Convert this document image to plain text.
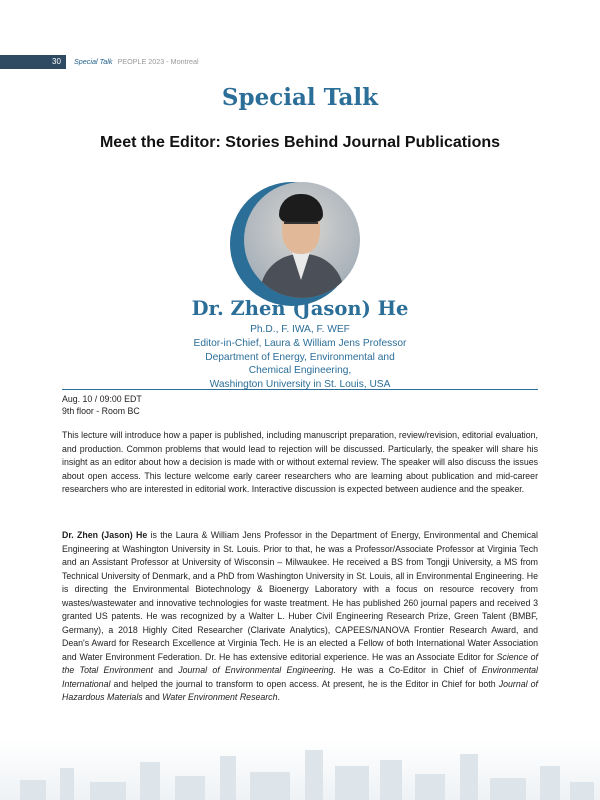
30 Special Talk PEOPLE 2023 - Montreal
Special Talk
Meet the Editor: Stories Behind Journal Publications
Dr. Zhen (Jason) He
Ph.D., F. IWA, F. WEF
Editor-in-Chief, Laura & William Jens Professor
Department of Energy, Environmental and
Chemical Engineering,
Washington University in St. Louis, USA
Aug. 10 / 09:00 EDT
9th floor - Room BC
This lecture will introduce how a paper is published, including manuscript preparation, review/revision, editorial evaluation, and production. Common problems that would lead to rejection will be discussed. Particularly, the speaker will share his insight as an editor about how a decision is made with or without external review. The speaker will also discuss the issues about open access. This lecture welcome early career researchers who are learning about publication and mid-career researchers who are interested in editorial work. Interactive discussion is expected between audience and the speaker.
Dr. Zhen (Jason) He is the Laura & William Jens Professor in the Department of Energy, Environmental and Chemical Engineering at Washington University in St. Louis. Prior to that, he was a Professor/Associate Professor at Virginia Tech and an Assistant Professor at University of Wisconsin – Milwaukee. He received a BS from Tongji University, a MS from Technical University of Denmark, and a PhD from Washington University in St. Louis, all in Environmental Engineering. He is directing the Environmental Biotechnology & Bioenergy Laboratory with a focus on resource recovery from wastes/wastewater and innovative technologies for waste treatment. He has published 260 journal papers and received 3 granted US patents. He was recognized by a Walter L. Huber Civil Engineering Research Prize, Green Talent (BMBF, Germany), a 2018 Highly Cited Researcher (Clarivate Analytics), CAPEES/NANOVA Frontier Research Award, and Dean's Award for Research Excellence at Virginia Tech. He is an elected a Fellow of both International Water Association and Water Environment Federation. Dr. He has extensive editorial experience. He was an Associate Editor for Science of the Total Environment and Journal of Environmental Engineering. He was a Co-Editor in Chief of Environmental International and helped the journal to transform to open access. At present, he is the Editor in Chief for both Journal of Hazardous Materials and Water Environment Research.
